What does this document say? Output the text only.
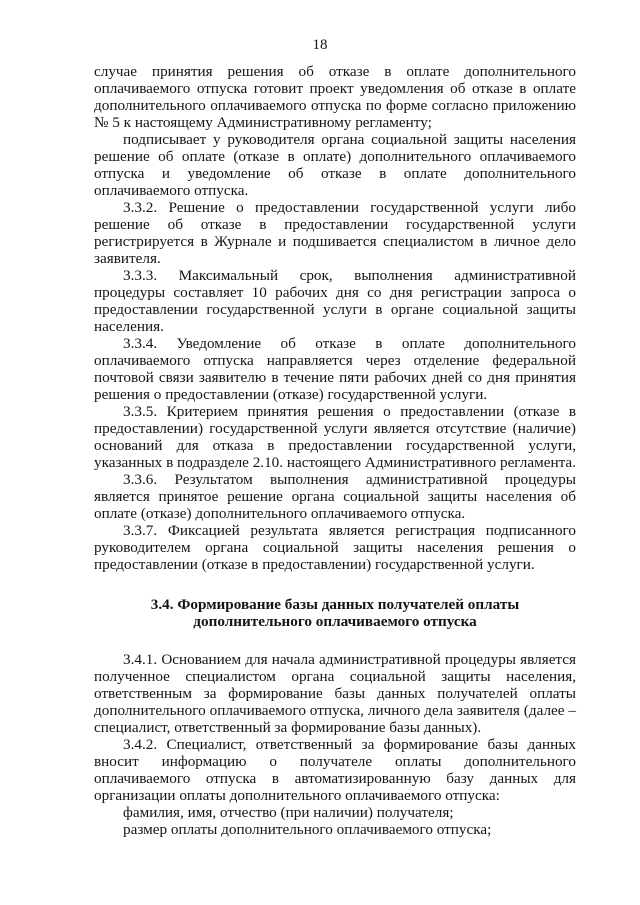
18

случае принятия решения об отказе в оплате дополнительного оплачиваемого отпуска готовит проект уведомления об отказе в оплате дополнительного оплачиваемого отпуска по форме согласно приложению № 5 к настоящему Административному регламенту;

подписывает у руководителя органа социальной защиты населения решение об оплате (отказе в оплате) дополнительного оплачиваемого отпуска и уведомление об отказе в оплате дополнительного оплачиваемого отпуска.

3.3.2. Решение о предоставлении государственной услуги либо решение об отказе в предоставлении государственной услуги регистрируется в Журнале и подшивается специалистом в личное дело заявителя.

3.3.3. Максимальный срок, выполнения административной процедуры составляет 10 рабочих дня со дня регистрации запроса о предоставлении государственной услуги в органе социальной защиты населения.

3.3.4. Уведомление об отказе в оплате дополнительного оплачиваемого отпуска направляется через отделение федеральной почтовой связи заявителю в течение пяти рабочих дней со дня принятия решения о предоставлении (отказе) государственной услуги.

3.3.5. Критерием принятия решения о предоставлении (отказе в предоставлении) государственной услуги является отсутствие (наличие) оснований для отказа в предоставлении государственной услуги, указанных в подразделе 2.10. настоящего Административного регламента.

3.3.6. Результатом выполнения административной процедуры является принятое решение органа социальной защиты населения об оплате (отказе) дополнительного оплачиваемого отпуска.

3.3.7. Фиксацией результата является регистрация подписанного руководителем органа социальной защиты населения решения о предоставлении (отказе в предоставлении) государственной услуги.

3.4. Формирование базы данных получателей оплаты
дополнительного оплачиваемого отпуска

3.4.1. Основанием для начала административной процедуры является полученное специалистом органа социальной защиты населения, ответственным за формирование базы данных получателей оплаты дополнительного оплачиваемого отпуска, личного дела заявителя (далее – специалист, ответственный за формирование базы данных).

3.4.2. Специалист, ответственный за формирование базы данных вносит информацию о получателе оплаты дополнительного оплачиваемого отпуска в автоматизированную базу данных для организации оплаты дополнительного оплачиваемого отпуска:

фамилия, имя, отчество (при наличии) получателя;

размер оплаты дополнительного оплачиваемого отпуска;
